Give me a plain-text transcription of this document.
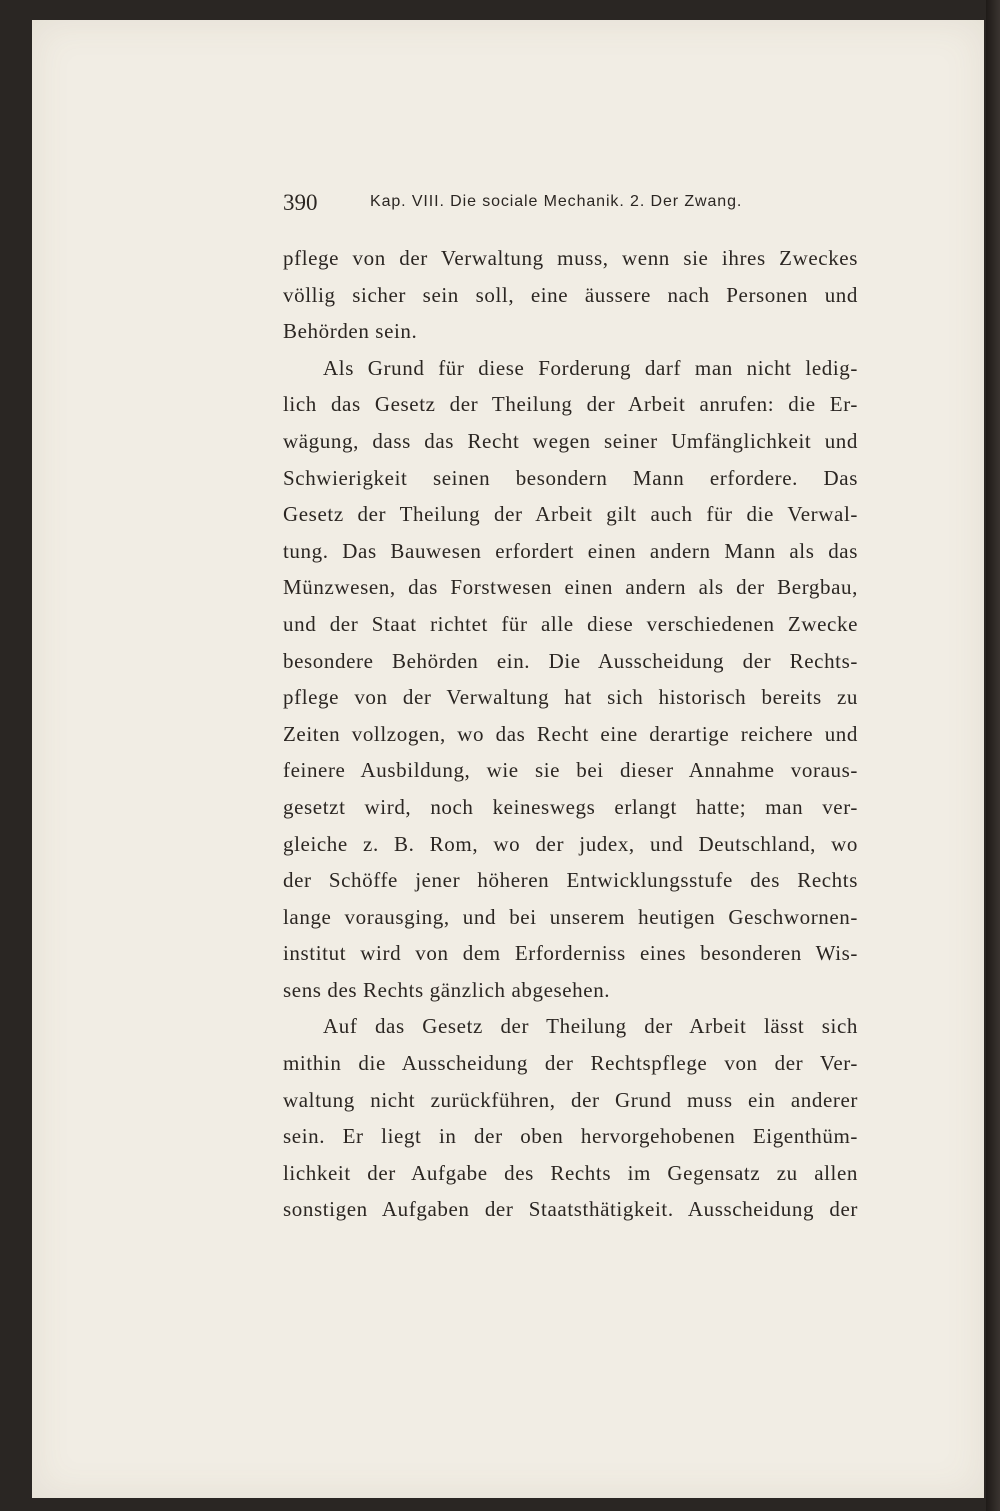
390	Kap. VIII. Die sociale Mechanik. 2. Der Zwang.
pflege von der Verwaltung muss, wenn sie ihres Zweckes
völlig sicher sein soll, eine äussere nach Personen und
Behörden sein.
Als Grund für diese Forderung darf man nicht ledig-
lich das Gesetz der Theilung der Arbeit anrufen: die Er-
wägung, dass das Recht wegen seiner Umfänglichkeit und
Schwierigkeit seinen besondern Mann erfordere. Das
Gesetz der Theilung der Arbeit gilt auch für die Verwal-
tung. Das Bauwesen erfordert einen andern Mann als das
Münzwesen, das Forstwesen einen andern als der Bergbau,
und der Staat richtet für alle diese verschiedenen Zwecke
besondere Behörden ein. Die Ausscheidung der Rechts-
pflege von der Verwaltung hat sich historisch bereits zu
Zeiten vollzogen, wo das Recht eine derartige reichere und
feinere Ausbildung, wie sie bei dieser Annahme voraus-
gesetzt wird, noch keineswegs erlangt hatte; man ver-
gleiche z. B. Rom, wo der judex, und Deutschland, wo
der Schöffe jener höheren Entwicklungsstufe des Rechts
lange vorausging, und bei unserem heutigen Geschwornen-
institut wird von dem Erforderniss eines besonderen Wis-
sens des Rechts gänzlich abgesehen.
Auf das Gesetz der Theilung der Arbeit lässt sich
mithin die Ausscheidung der Rechtspflege von der Ver-
waltung nicht zurückführen, der Grund muss ein anderer
sein. Er liegt in der oben hervorgehobenen Eigenthüm-
lichkeit der Aufgabe des Rechts im Gegensatz zu allen
sonstigen Aufgaben der Staatsthätigkeit. Ausscheidung der
